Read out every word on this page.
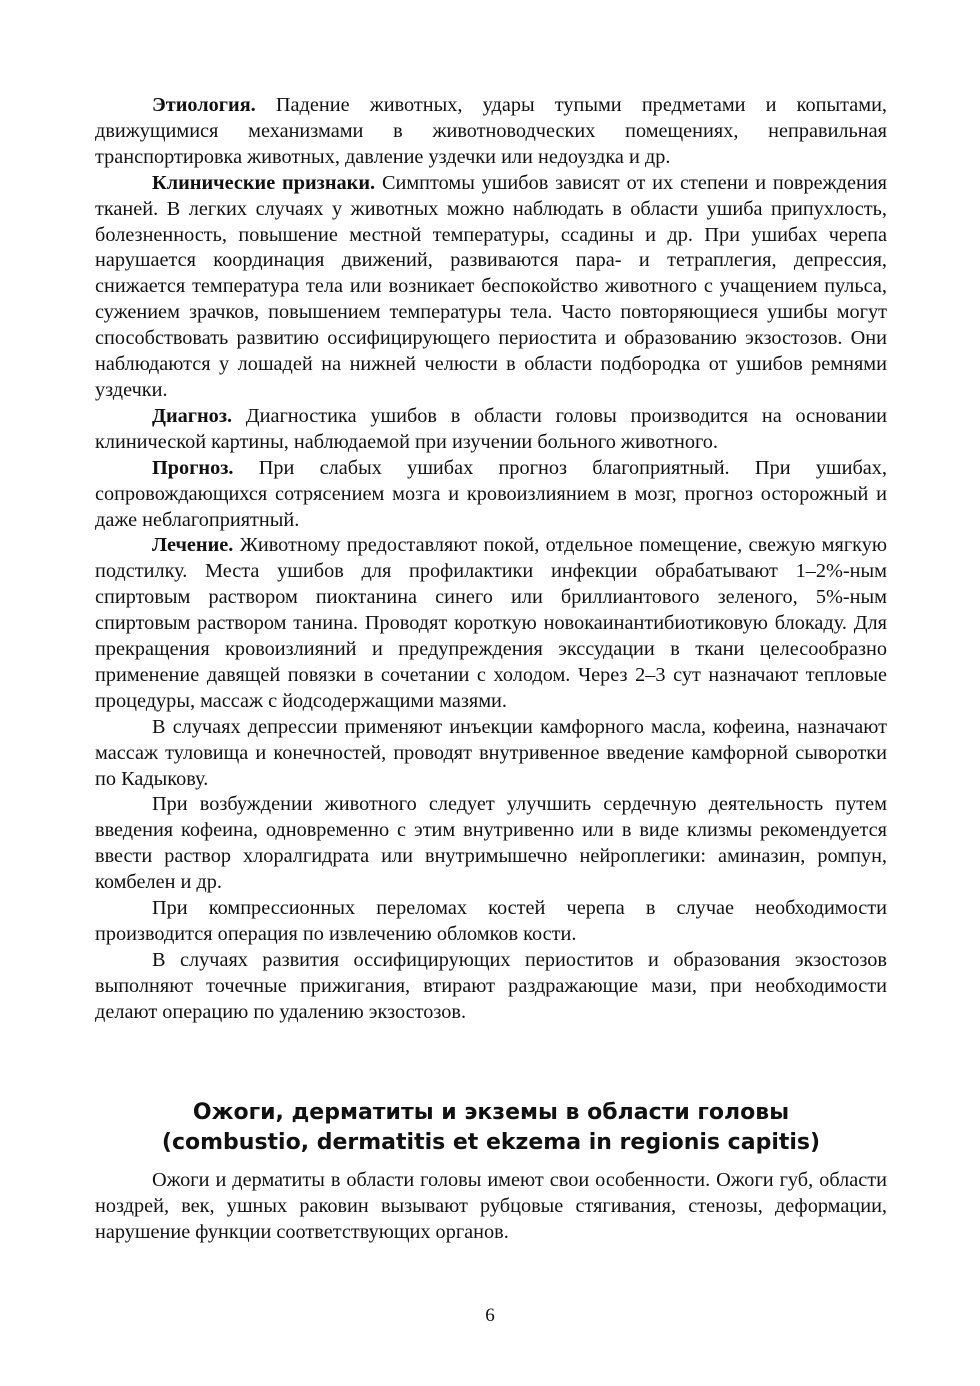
Этиология. Падение животных, удары тупыми предметами и копытами, движущимися механизмами в животноводческих помещениях, неправильная транспортировка животных, давление уздечки или недоуздка и др.

Клинические признаки. Симптомы ушибов зависят от их степени и повреждения тканей. В легких случаях у животных можно наблюдать в области ушиба припухлость, болезненность, повышение местной температуры, ссадины и др. При ушибах черепа нарушается координация движений, развиваются пара- и тетраплегия, депрессия, снижается температура тела или возникает беспокойство животного с учащением пульса, сужением зрачков, повышением температуры тела. Часто повторяющиеся ушибы могут способствовать развитию оссифицирующего периостита и образованию экзостозов. Они наблюдаются у лошадей на нижней челюсти в области подбородка от ушибов ремнями уздечки.

Диагноз. Диагностика ушибов в области головы производится на основании клинической картины, наблюдаемой при изучении больного животного.

Прогноз. При слабых ушибах прогноз благоприятный. При ушибах, сопровождающихся сотрясением мозга и кровоизлиянием в мозг, прогноз осторожный и даже неблагоприятный.

Лечение. Животному предоставляют покой, отдельное помещение, свежую мягкую подстилку. Места ушибов для профилактики инфекции обрабатывают 1–2%-ным спиртовым раствором пиоктанина синего или бриллиантового зеленого, 5%-ным спиртовым раствором танина. Проводят короткую новокаинантибиотиковую блокаду. Для прекращения кровоизлияний и предупреждения экссудации в ткани целесообразно применение давящей повязки в сочетании с холодом. Через 2–3 сут назначают тепловые процедуры, массаж с йодсодержащими мазями.

В случаях депрессии применяют инъекции камфорного масла, кофеина, назначают массаж туловища и конечностей, проводят внутривенное введение камфорной сыворотки по Кадыкову.

При возбуждении животного следует улучшить сердечную деятельность путем введения кофеина, одновременно с этим внутривенно или в виде клизмы рекомендуется ввести раствор хлоралгидрата или внутримышечно нейроплегики: аминазин, ромпун, комбелен и др.

При компрессионных переломах костей черепа в случае необходимости производится операция по извлечению обломков кости.

В случаях развития оссифицирующих периоститов и образования экзостозов выполняют точечные прижигания, втирают раздражающие мази, при необходимости делают операцию по удалению экзостозов.

Ожоги, дерматиты и экземы в области головы
(combustio, dermatitis et ekzema in regionis capitis)

Ожоги и дерматиты в области головы имеют свои особенности. Ожоги губ, области ноздрей, век, ушных раковин вызывают рубцовые стягивания, стенозы, деформации, нарушение функции соответствующих органов.

6
